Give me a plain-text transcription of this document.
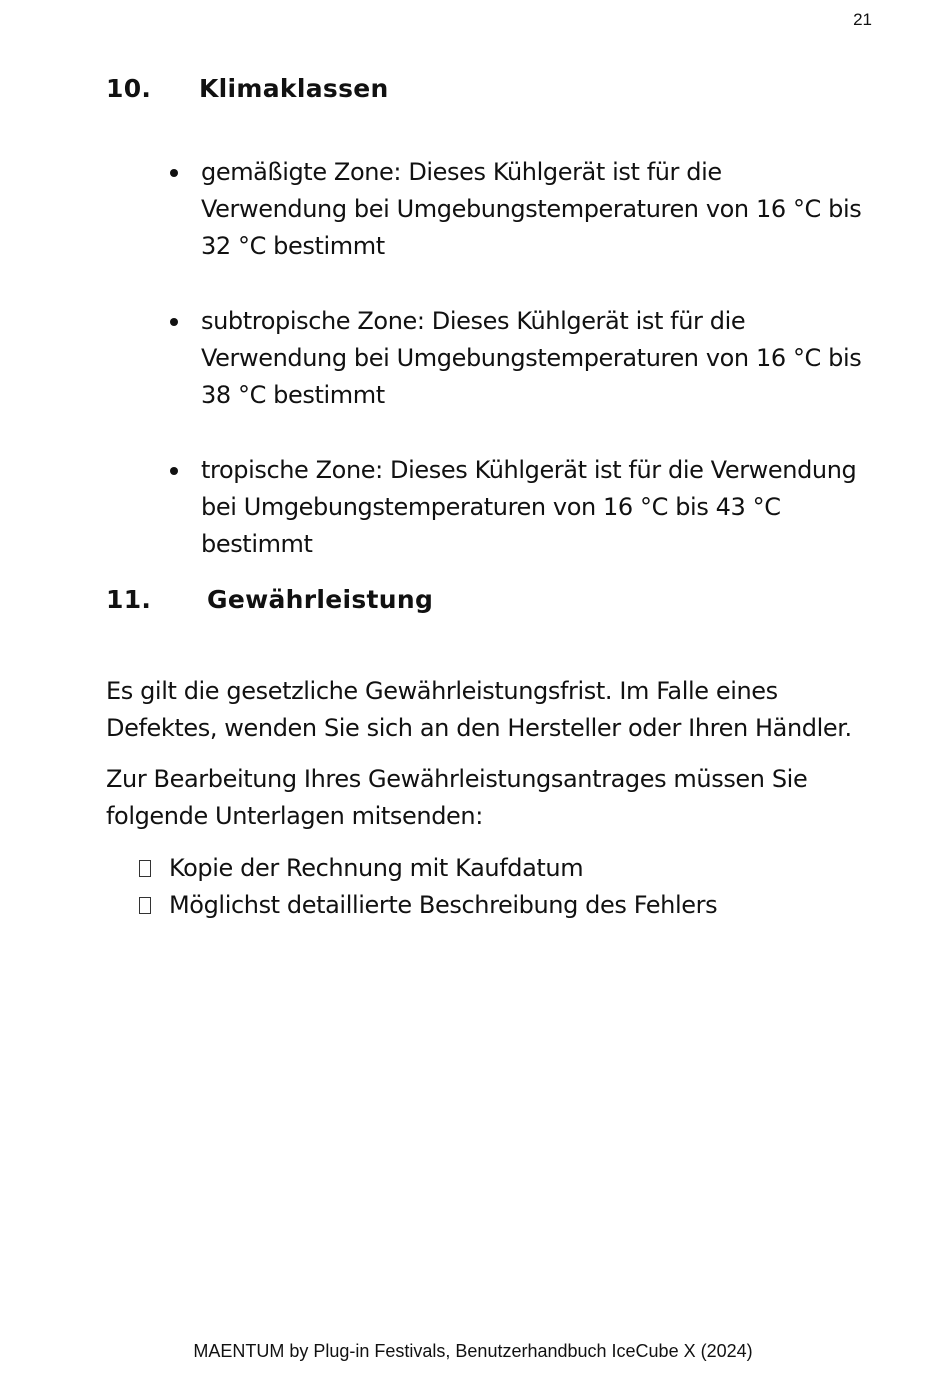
21
10. Klimaklassen
gemäßigte Zone: Dieses Kühlgerät ist für die Verwendung bei Umgebungstemperaturen von 16 °C bis 32 °C bestimmt
subtropische Zone: Dieses Kühlgerät ist für die Verwendung bei Umgebungstemperaturen von 16 °C bis 38 °C bestimmt
tropische Zone: Dieses Kühlgerät ist für die Verwendung bei Umgebungstemperaturen von 16 °C bis 43 °C bestimmt
11. Gewährleistung

Es gilt die gesetzliche Gewährleistungsfrist. Im Falle eines Defektes, wenden Sie sich an den Hersteller oder Ihren Händler.

Zur Bearbeitung Ihres Gewährleistungsantrages müssen Sie folgende Unterlagen mitsenden:

Kopie der Rechnung mit Kaufdatum
Möglichst detaillierte Beschreibung des Fehlers
MAENTUM by Plug-in Festivals, Benutzerhandbuch IceCube X (2024)
